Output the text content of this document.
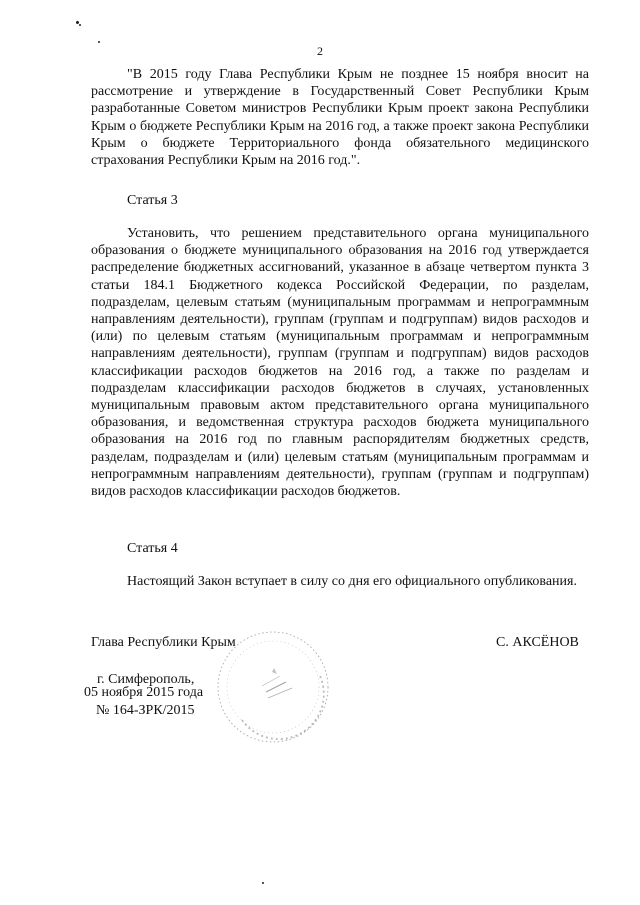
2

"В 2015 году Глава Республики Крым не позднее 15 ноября вносит на рассмотрение и утверждение в Государственный Совет Республики Крым разработанные Советом министров Республики Крым проект закона Республики Крым о бюджете Республики Крым на 2016 год, а также проект закона Республики Крым о бюджете Территориального фонда обязательного медицинского страхования Республики Крым на 2016 год.".

Статья 3

Установить, что решением представительного органа муниципального образования о бюджете муниципального образования на 2016 год утверждается распределение бюджетных ассигнований, указанное в абзаце четвертом пункта 3 статьи 184.1 Бюджетного кодекса Российской Федерации, по разделам, подразделам, целевым статьям (муниципальным программам и непрограммным направлениям деятельности), группам (группам и подгруппам) видов расходов и (или) по целевым статьям (муниципальным программам и непрограммным направлениям деятельности), группам (группам и подгруппам) видов расходов классификации расходов бюджетов на 2016 год, а также по разделам и подразделам классификации расходов бюджетов в случаях, установленных муниципальным правовым актом представительного органа муниципального образования, и ведомственная структура расходов бюджета муниципального образования на 2016 год по главным распорядителям бюджетных средств, разделам, подразделам и (или) целевым статьям (муниципальным программам и непрограммным направлениям деятельности), группам (группам и подгруппам) видов расходов классификации расходов бюджетов.

Статья 4

Настоящий Закон вступает в силу со дня его официального опубликования.

Глава Республики Крым	С. АКСЁНОВ
г. Симферополь,
05 ноября 2015 года
№ 164-ЗРК/2015
